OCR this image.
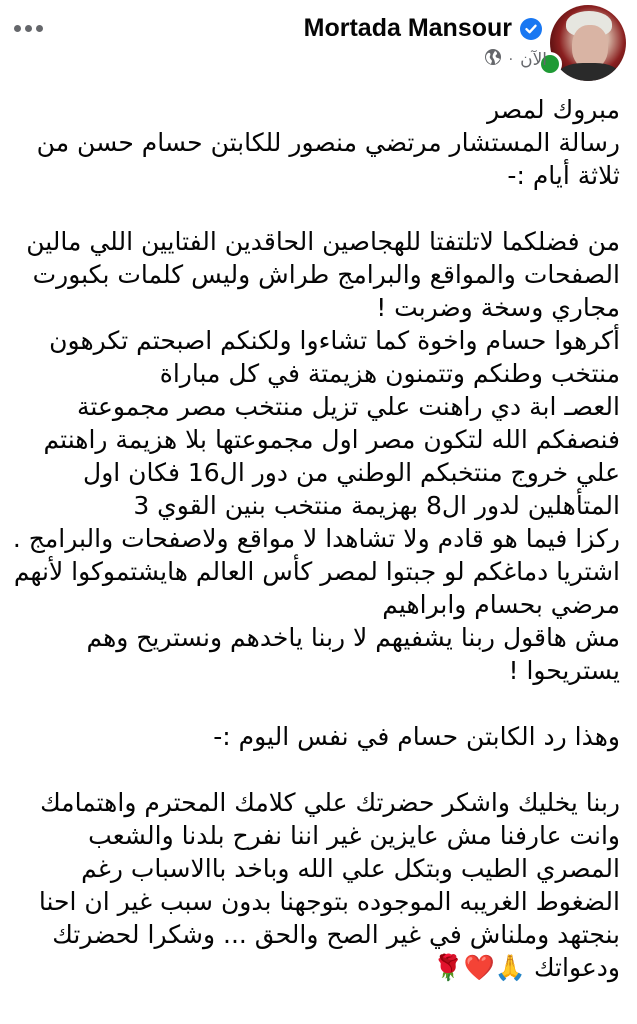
Mortada Mansour
الآن
·
مبروك لمصر
رسالة المستشار مرتضي منصور للكابتن حسام حسن من
ثلاثة أيام :-
من فضلكما لاتلتفتا للهجاصين الحاقدين الفتايين اللي مالين
الصفحات والمواقع والبرامج طراش وليس كلمات بكبورت
مجاري وسخة وضربت !
أكرهوا حسام واخوة كما تشاءوا ولكنكم اصبحتم تكرهون
منتخب وطنكم وتتمنون هزيمتة في كل مباراة
العصـ ابة دي راهنت علي تزيل منتخب مصر مجموعتة
فنصفكم الله لتكون مصر اول مجموعتها بلا هزيمة راهنتم
علي خروج منتخبكم الوطني من دور ال16 فكان اول
المتأهلين لدور ال8 بهزيمة منتخب بنين القوي 3
ركزا فيما هو قادم ولا تشاهدا لا مواقع ولاصفحات والبرامج .
اشتريا دماغكم لو جبتوا لمصر كأس العالم هايشتموكوا لأنهم
مرضي بحسام وابراهيم
مش هاقول ربنا يشفيهم لا ربنا ياخدهم ونستريح وهم
يستريحوا !
وهذا رد الكابتن حسام في نفس اليوم :-
ربنا يخليك واشكر حضرتك علي كلامك المحترم واهتمامك
وانت عارفنا مش عايزين غير اننا نفرح بلدنا والشعب
المصري الطيب وبتكل علي الله وباخد باالاسباب رغم
الضغوط الغريبه الموجوده بتوجهنا بدون سبب غير ان احنا
بنجتهد وملناش في غير الصح والحق ... وشكرا لحضرتك
ودعواتك 🙏❤️🌹
